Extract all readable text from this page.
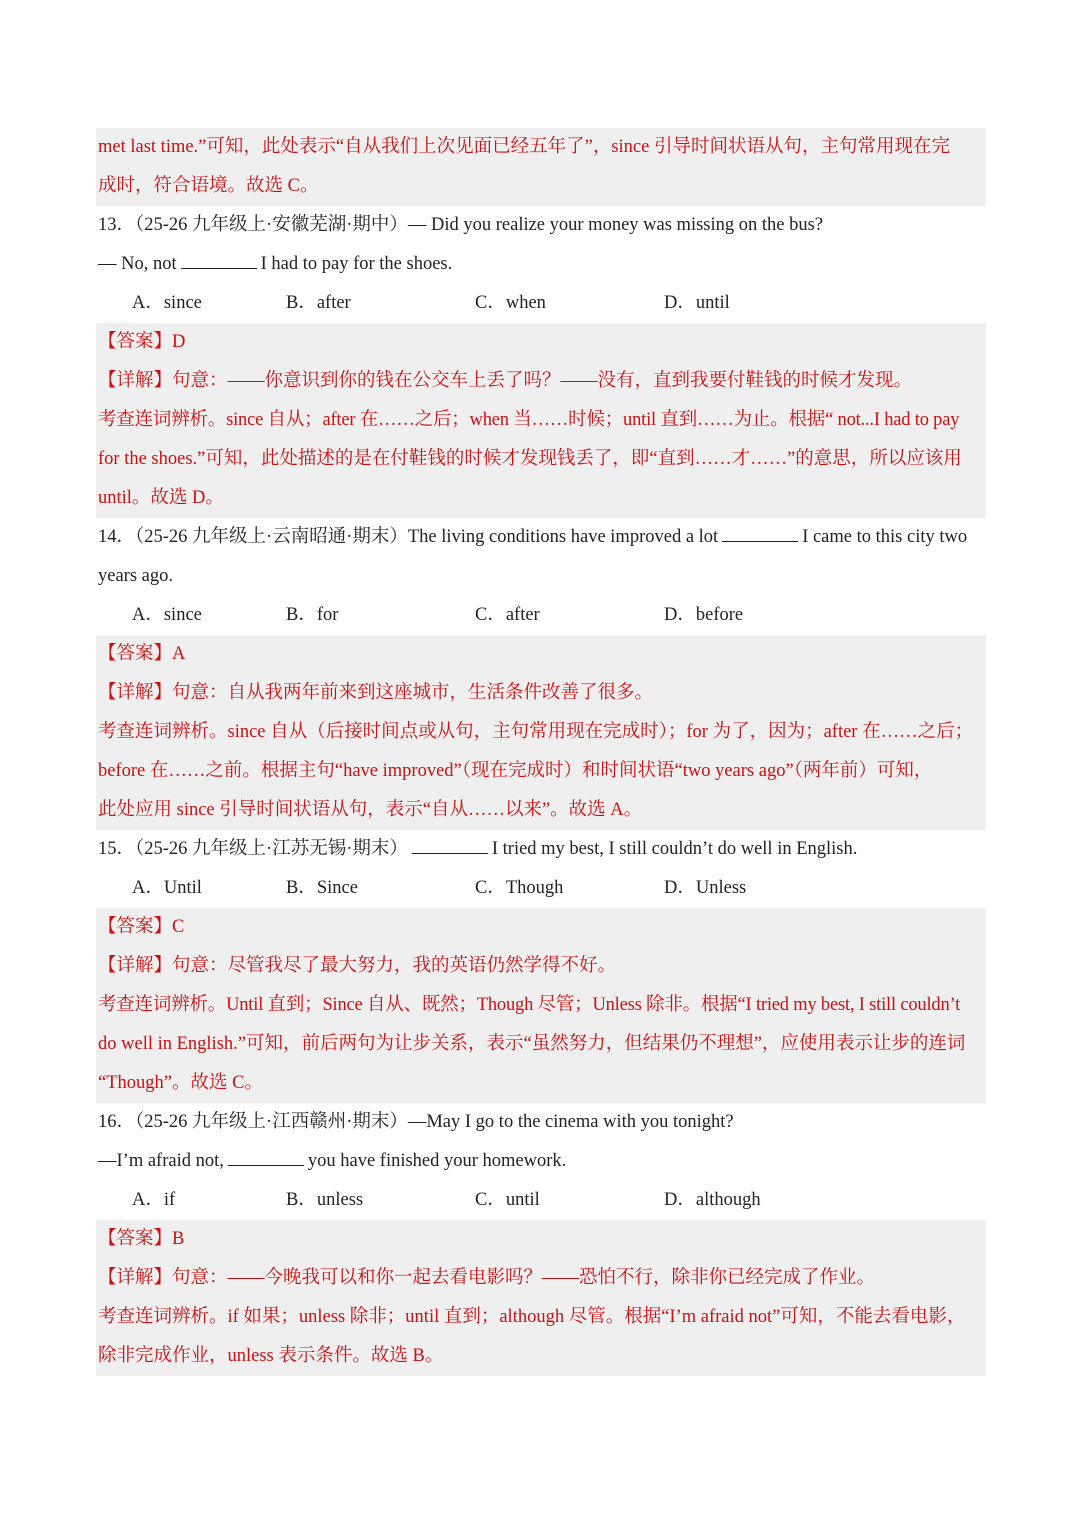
met last time.”可知，此处表示“自从我们上次见面已经五年了”，since 引导时间状语从句，主句常用现在完
成时，符合语境。故选 C。
13．（25-26 九年级上·安徽芜湖·期中）— Did you realize your money was missing on the bus?
— No, not	I had to pay for the shoes.
A．since	B．after	C．when	D．until
【答案】D
【详解】句意：——你意识到你的钱在公交车上丢了吗？——没有，直到我要付鞋钱的时候才发现。
考查连词辨析。since 自从；after 在……之后；when 当……时候；until 直到……为止。根据“ not...I had to pay
for the shoes.”可知，此处描述的是在付鞋钱的时候才发现钱丢了，即“直到……才……”的意思，所以应该用
until。故选 D。
14．（25-26 九年级上·云南昭通·期末）The living conditions have improved a lot	I came to this city two
years ago.
A．since	B．for	C．after	D．before
【答案】A
【详解】句意：自从我两年前来到这座城市，生活条件改善了很多。
考查连词辨析。since 自从（后接时间点或从句，主句常用现在完成时）；for 为了，因为；after 在……之后；
before 在……之前。根据主句“have improved”（现在完成时）和时间状语“two years ago”（两年前）可知，
此处应用 since 引导时间状语从句，表示“自从……以来”。故选 A。
15．（25-26 九年级上·江苏无锡·期末）	I tried my best, I still couldn’t do well in English.
A．Until	B．Since	C．Though	D．Unless
【答案】C
【详解】句意：尽管我尽了最大努力，我的英语仍然学得不好。
考查连词辨析。Until 直到；Since 自从、既然；Though 尽管；Unless 除非。根据“I tried my best, I still couldn’t
do well in English.”可知，前后两句为让步关系，表示“虽然努力，但结果仍不理想”，应使用表示让步的连词
“Though”。故选 C。
16．（25-26 九年级上·江西赣州·期末）—May I go to the cinema with you tonight?
—I’m afraid not,	you have finished your homework.
A．if	B．unless	C．until	D．although
【答案】B
【详解】句意：——今晚我可以和你一起去看电影吗？——恐怕不行，除非你已经完成了作业。
考查连词辨析。if 如果；unless 除非；until 直到；although 尽管。根据“I’m afraid not”可知，不能去看电影，
除非完成作业，unless 表示条件。故选 B。
